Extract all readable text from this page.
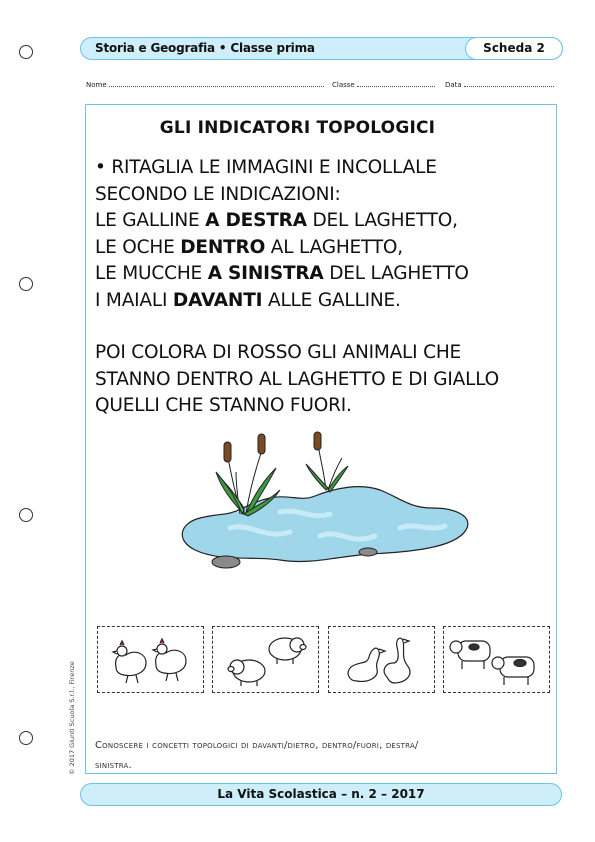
Storia e Geografia • Classe prima	Scheda 2
Nome	Classe	Data
GLI INDICATORI TOPOLOGICI
• RITAGLIA LE IMMAGINI E INCOLLALE
SECONDO LE INDICAZIONI:
LE GALLINE A DESTRA DEL LAGHETTO,
LE OCHE DENTRO AL LAGHETTO,
LE MUCCHE A SINISTRA DEL LAGHETTO
I MAIALI DAVANTI ALLE GALLINE.
POI COLORA DI ROSSO GLI ANIMALI CHE
STANNO DENTRO AL LAGHETTO E DI GIALLO
QUELLI CHE STANNO FUORI.
Conoscere i concetti topologici di davanti/dietro, dentro/fuori, destra/
sinistra.
© 2017 Giunti Scuola S.r.l., Firenze
La Vita Scolastica – n. 2 – 2017
